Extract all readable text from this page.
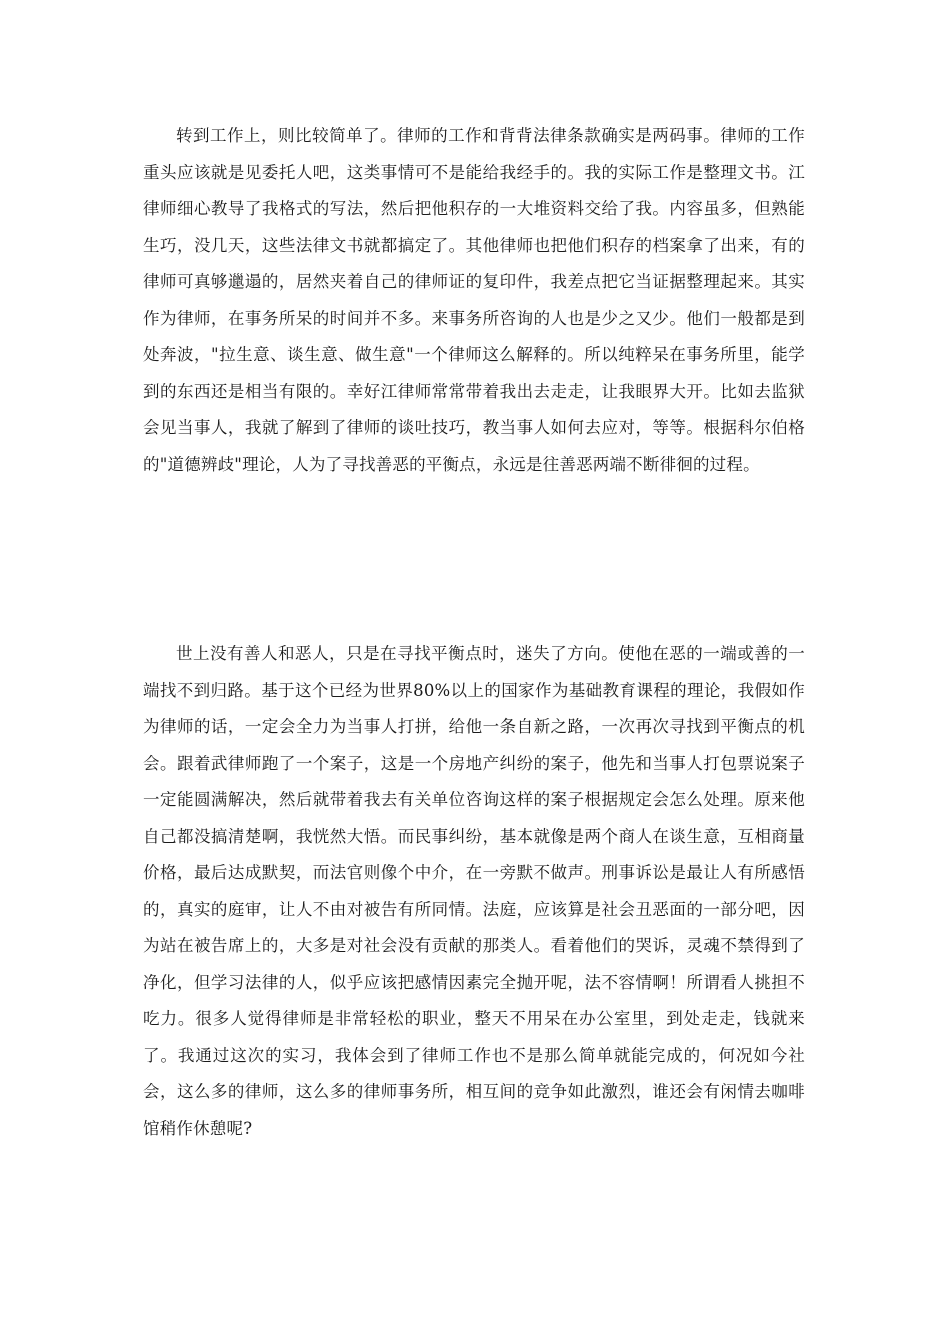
转到工作上，则比较简单了。律师的工作和背背法律条款确实是两码事。律师的工作重头应该就是见委托人吧，这类事情可不是能给我经手的。我的实际工作是整理文书。江律师细心教导了我格式的写法，然后把他积存的一大堆资料交给了我。内容虽多，但熟能生巧，没几天，这些法律文书就都搞定了。其他律师也把他们积存的档案拿了出来，有的律师可真够邋遢的，居然夹着自己的律师证的复印件，我差点把它当证据整理起来。其实作为律师，在事务所呆的时间并不多。来事务所咨询的人也是少之又少。他们一般都是到处奔波，"拉生意、谈生意、做生意"一个律师这么解释的。所以纯粹呆在事务所里，能学到的东西还是相当有限的。幸好江律师常常带着我出去走走，让我眼界大开。比如去监狱会见当事人，我就了解到了律师的谈吐技巧，教当事人如何去应对，等等。根据科尔伯格的"道德辨歧"理论，人为了寻找善恶的平衡点，永远是往善恶两端不断徘徊的过程。

世上没有善人和恶人，只是在寻找平衡点时，迷失了方向。使他在恶的一端或善的一端找不到归路。基于这个已经为世界80%以上的国家作为基础教育课程的理论，我假如作为律师的话，一定会全力为当事人打拼，给他一条自新之路，一次再次寻找到平衡点的机会。跟着武律师跑了一个案子，这是一个房地产纠纷的案子，他先和当事人打包票说案子一定能圆满解决，然后就带着我去有关单位咨询这样的案子根据规定会怎么处理。原来他自己都没搞清楚啊，我恍然大悟。而民事纠纷，基本就像是两个商人在谈生意，互相商量价格，最后达成默契，而法官则像个中介，在一旁默不做声。刑事诉讼是最让人有所感悟的，真实的庭审，让人不由对被告有所同情。法庭，应该算是社会丑恶面的一部分吧，因为站在被告席上的，大多是对社会没有贡献的那类人。看着他们的哭诉，灵魂不禁得到了净化，但学习法律的人，似乎应该把感情因素完全抛开呢，法不容情啊！所谓看人挑担不吃力。很多人觉得律师是非常轻松的职业，整天不用呆在办公室里，到处走走，钱就来了。我通过这次的实习，我体会到了律师工作也不是那么简单就能完成的，何况如今社会，这么多的律师，这么多的律师事务所，相互间的竞争如此激烈，谁还会有闲情去咖啡馆稍作休憩呢?
